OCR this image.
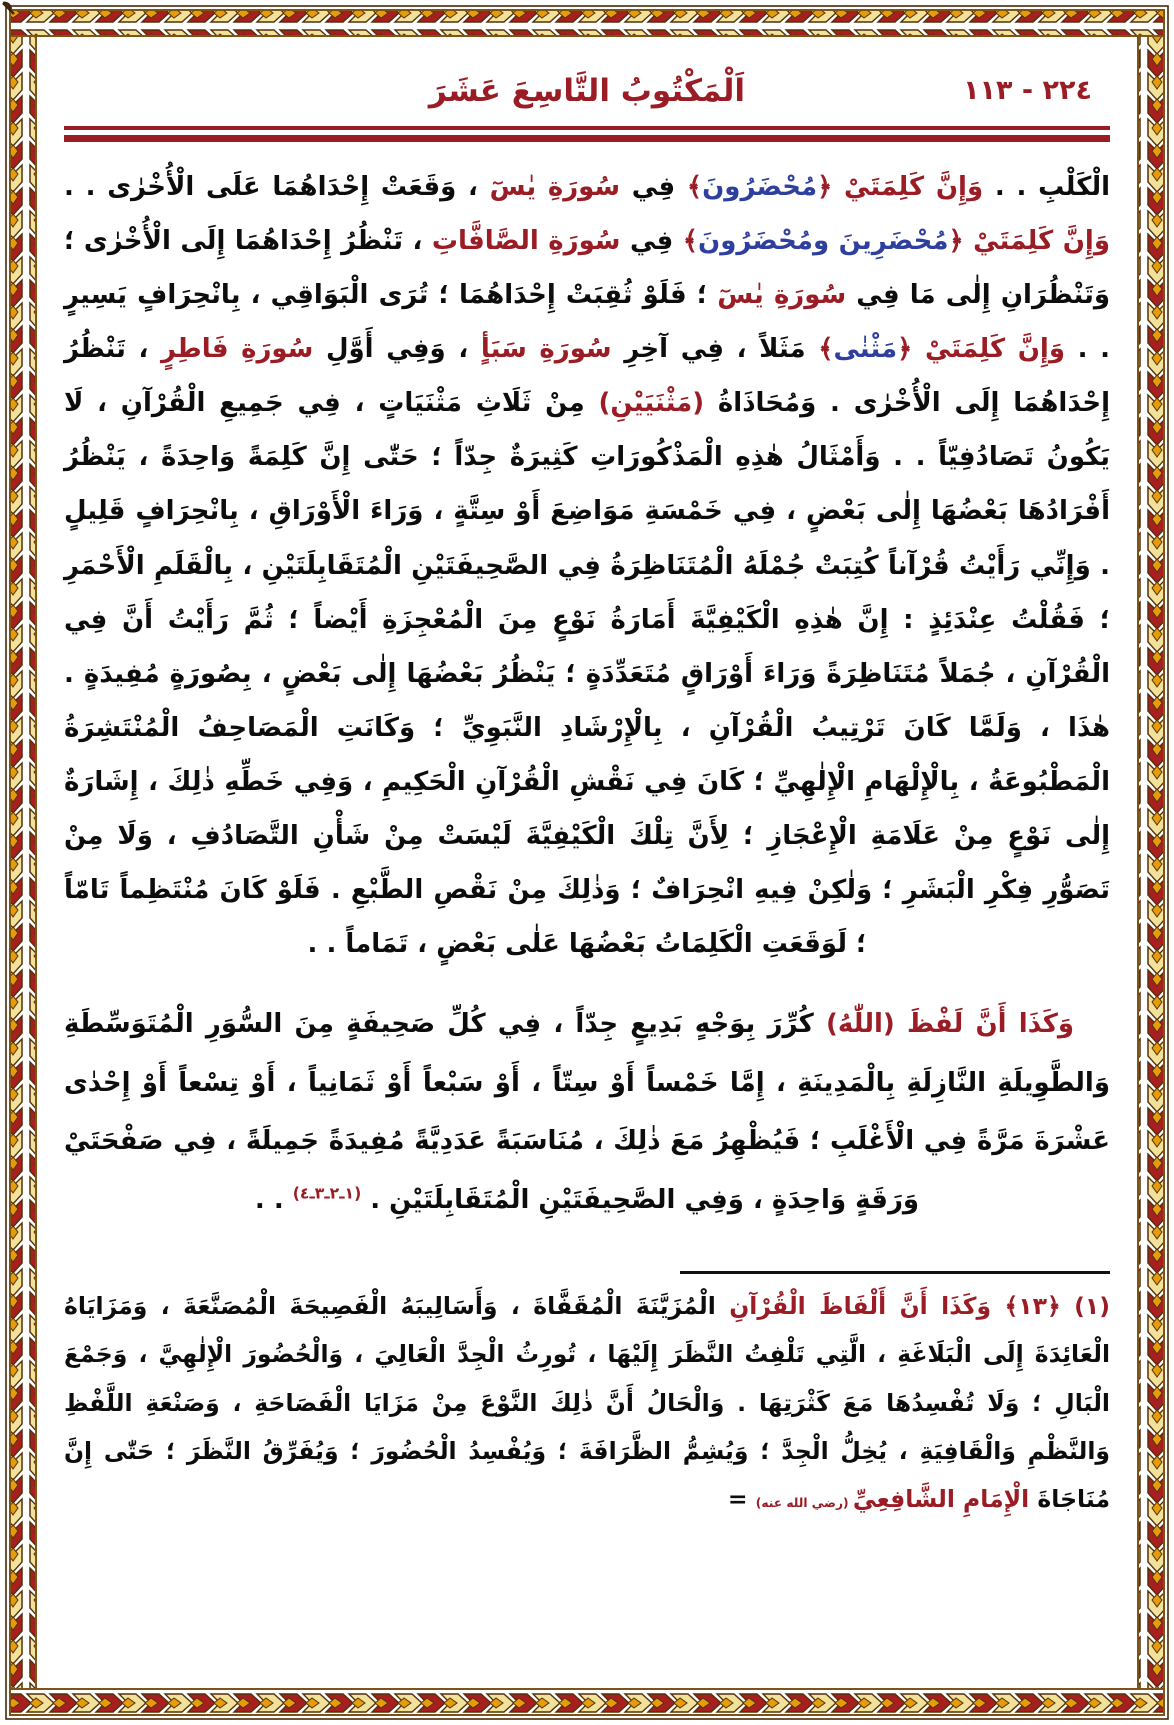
اَلْمَكْتُوبُ التَّاسِعَ عَشَرَ	٢٢٤ - ١١٣

الْكَلْبِ . . وَإِنَّ كَلِمَتَيْ ﴿مُحْضَرُونَ﴾ فِي سُورَةِ يٰسٓ ، وَقَعَتْ إِحْدَاهُمَا عَلَى الْأُخْرٰى . . وَإِنَّ كَلِمَتَيْ ﴿مُحْضَرِينَ ومُحْضَرُونَ﴾ فِي سُورَةِ الصَّافَّاتِ ، تَنْظُرُ إِحْدَاهُمَا إِلَى الْأُخْرٰى ؛ وَتَنْظُرَانِ إِلٰى مَا فِي سُورَةِ يٰسٓ ؛ فَلَوْ ثُقِبَتْ إِحْدَاهُمَا ؛ تُرَى الْبَوَاقِي ، بِانْحِرَافٍ يَسِيرٍ . . وَإِنَّ كَلِمَتَيْ ﴿مَثْنٰى﴾ مَثَلاً ، فِي آخِرِ سُورَةِ سَبَأٍ ، وَفِي أَوَّلِ سُورَةِ فَاطِرٍ ، تَنْظُرُ إِحْدَاهُمَا إِلَى الْأُخْرٰى . وَمُحَاذَاةُ (مَثْنَيَيْنِ) مِنْ ثَلَاثِ مَثْنَيَاتٍ ، فِي جَمِيعِ الْقُرْآنِ ، لَا يَكُونُ تَصَادُفِيّاً . . وَأَمْثَالُ هٰذِهِ الْمَذْكُورَاتِ كَثِيرَةٌ جِدّاً ؛ حَتّٰى إِنَّ كَلِمَةً وَاحِدَةً ، يَنْظُرُ أَفْرَادُهَا بَعْضُهَا إِلٰى بَعْضٍ ، فِي خَمْسَةِ مَوَاضِعَ أَوْ سِتَّةٍ ، وَرَاءَ الْأَوْرَاقِ ، بِانْحِرَافٍ قَلِيلٍ . وَإِنِّي رَأَيْتُ قُرْآناً كُتِبَتْ جُمْلَهُ الْمُتَنَاظِرَةُ فِي الصَّحِيفَتَيْنِ الْمُتَقَابِلَتَيْنِ ، بِالْقَلَمِ الْأَحْمَرِ ؛ فَقُلْتُ عِنْدَئِذٍ : إِنَّ هٰذِهِ الْكَيْفِيَّةَ أَمَارَةُ نَوْعٍ مِنَ الْمُعْجِزَةِ أَيْضاً ؛ ثُمَّ رَأَيْتُ أَنَّ فِي الْقُرْآنِ ، جُمَلاً مُتَنَاظِرَةً وَرَاءَ أَوْرَاقٍ مُتَعَدِّدَةٍ ؛ يَنْظُرُ بَعْضُهَا إِلٰى بَعْضٍ ، بِصُورَةٍ مُفِيدَةٍ . هٰذَا ، وَلَمَّا كَانَ تَرْتِيبُ الْقُرْآنِ ، بِالْإِرْشَادِ النَّبَوِيِّ ؛ وَكَانَتِ الْمَصَاحِفُ الْمُنْتَشِرَةُ الْمَطْبُوعَةُ ، بِالْإِلْهَامِ الْإِلٰهِيِّ ؛ كَانَ فِي نَقْشِ الْقُرْآنِ الْحَكِيمِ ، وَفِي خَطِّهِ ذٰلِكَ ، إِشَارَةٌ إِلٰى نَوْعٍ مِنْ عَلَامَةِ الْإِعْجَازِ ؛ لِأَنَّ تِلْكَ الْكَيْفِيَّةَ لَيْسَتْ مِنْ شَأْنِ التَّصَادُفِ ، وَلَا مِنْ تَصَوُّرِ فِكْرِ الْبَشَرِ ؛ وَلٰكِنْ فِيهِ انْحِرَافٌ ؛ وَذٰلِكَ مِنْ نَقْصِ الطَّبْعِ . فَلَوْ كَانَ مُنْتَظِماً تَامّاً ؛ لَوَقَعَتِ الْكَلِمَاتُ بَعْضُهَا عَلٰى بَعْضٍ ، تَمَاماً . .

وَكَذَا أَنَّ لَفْظَ (اللّٰهُ) كُرِّرَ بِوَجْهٍ بَدِيعٍ جِدّاً ، فِي كُلِّ صَحِيفَةٍ مِنَ السُّوَرِ الْمُتَوَسِّطَةِ وَالطَّوِيلَةِ النَّازِلَةِ بِالْمَدِينَةِ ، إِمَّا خَمْساً أَوْ سِتّاً ، أَوْ سَبْعاً أَوْ ثَمَانِياً ، أَوْ تِسْعاً أَوْ إِحْدٰى عَشْرَةَ مَرَّةً فِي الْأَغْلَبِ ؛ فَيُظْهِرُ مَعَ ذٰلِكَ ، مُنَاسَبَةً عَدَدِيَّةً مُفِيدَةً جَمِيلَةً ، فِي صَفْحَتَيْ وَرَقَةٍ وَاحِدَةٍ ، وَفِي الصَّحِيفَتَيْنِ الْمُتَقَابِلَتَيْنِ . $^{(١ـ٢ـ٣ـ٤)}$ . .

(١) ﴿١٣﴾ وَكَذَا أَنَّ أَلْفَاظَ الْقُرْآنِ الْمُزَيَّنَةَ الْمُقَفَّاةَ ، وَأَسَالِيبَهُ الْفَصِيحَةَ الْمُصَنَّعَةَ ، وَمَزَايَاهُ الْعَائِدَةَ إِلَى الْبَلَاغَةِ ، الَّتِي تَلْفِتُ النَّظَرَ إِلَيْهَا ، تُورِثُ الْجِدَّ الْعَالِيَ ، وَالْحُضُورَ الْإِلٰهِيَّ ، وَجَمْعَ الْبَالِ ؛ وَلَا تُفْسِدُهَا مَعَ كَثْرَتِهَا . وَالْحَالُ أَنَّ ذٰلِكَ النَّوْعَ مِنْ مَزَايَا الْفَصَاحَةِ ، وَصَنْعَةِ اللَّفْظِ وَالنَّظْمِ وَالْقَافِيَةِ ، يُخِلُّ الْجِدَّ ؛ وَيُشِمُّ الظَّرَافَةَ ؛ وَيُفْسِدُ الْحُضُورَ ؛ وَيُفَرِّقُ النَّظَرَ ؛ حَتّٰى إِنَّ مُنَاجَاةَ الْإِمَامِ الشَّافِعِيِّ (رضي الله عنه) =
